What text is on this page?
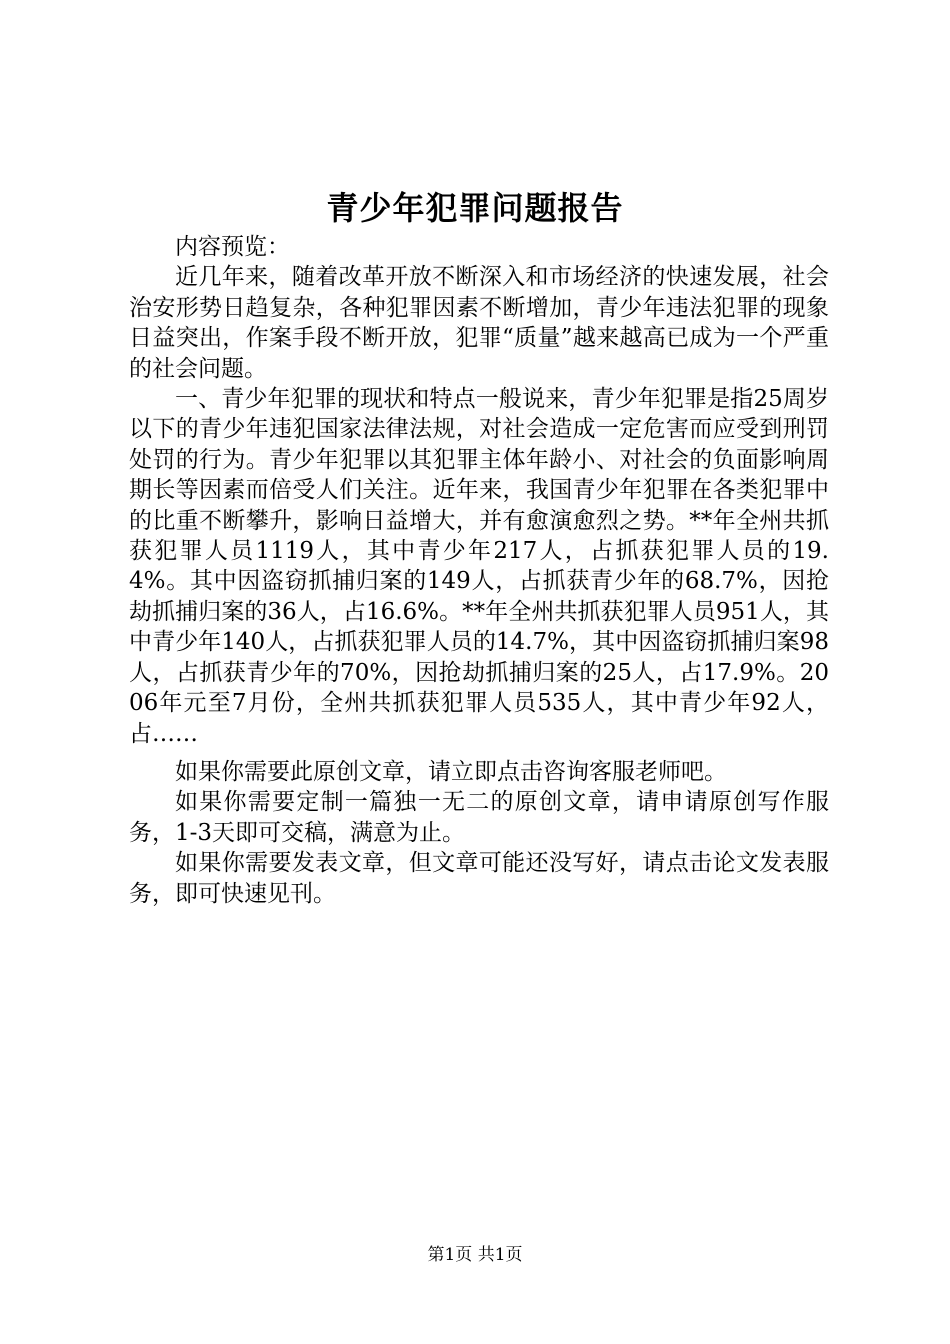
青少年犯罪问题报告

内容预览：

近几年来，随着改革开放不断深入和市场经济的快速发展，社会治安形势日趋复杂，各种犯罪因素不断增加，青少年违法犯罪的现象日益突出，作案手段不断开放，犯罪“质量”越来越高已成为一个严重的社会问题。

一、青少年犯罪的现状和特点一般说来，青少年犯罪是指25周岁以下的青少年违犯国家法律法规，对社会造成一定危害而应受到刑罚处罚的行为。青少年犯罪以其犯罪主体年龄小、对社会的负面影响周期长等因素而倍受人们关注。近年来，我国青少年犯罪在各类犯罪中的比重不断攀升，影响日益增大，并有愈演愈烈之势。**年全州共抓获犯罪人员1119人，其中青少年217人，占抓获犯罪人员的19.4%。其中因盗窃抓捕归案的149人，占抓获青少年的68.7%，因抢劫抓捕归案的36人，占16.6%。**年全州共抓获犯罪人员951人，其中青少年140人，占抓获犯罪人员的14.7%，其中因盗窃抓捕归案98人，占抓获青少年的70%，因抢劫抓捕归案的25人，占17.9%。2006年元至7月份，全州共抓获犯罪人员535人，其中青少年92人，占……

如果你需要此原创文章，请立即点击咨询客服老师吧。

如果你需要定制一篇独一无二的原创文章，请申请原创写作服务，1-3天即可交稿，满意为止。

如果你需要发表文章，但文章可能还没写好，请点击论文发表服务，即可快速见刊。

第1页 共1页
